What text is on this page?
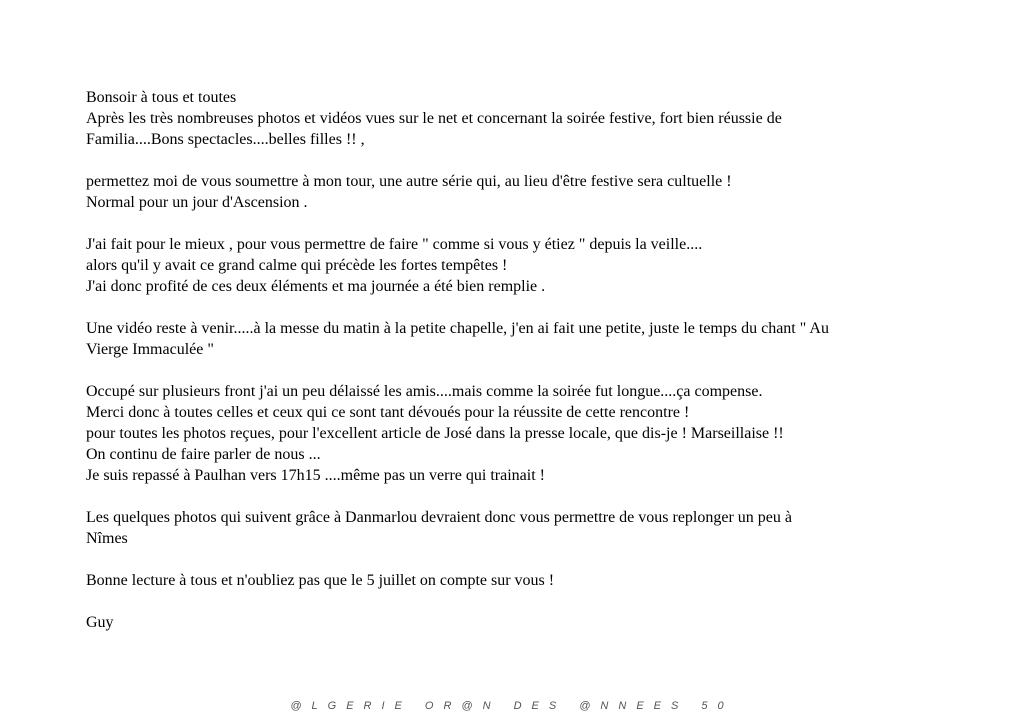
Bonsoir à tous et toutes
Après les très nombreuses photos et vidéos vues sur le net et concernant la soirée festive, fort bien réussie de
Familia....Bons spectacles....belles filles !! ,
permettez moi de vous soumettre à mon tour, une autre série qui, au lieu d'être festive sera cultuelle !
Normal pour un jour d'Ascension .
J'ai fait pour le mieux , pour vous permettre de faire " comme si vous y étiez " depuis la veille....
alors qu'il y avait ce grand calme qui précède les fortes tempêtes !
J'ai donc profité de ces deux éléments et ma journée a été bien remplie .
Une vidéo reste à venir.....à la messe du matin à la petite chapelle, j'en ai fait une petite, juste le temps du chant " Au
Vierge Immaculée "
Occupé sur plusieurs front j'ai un peu délaissé les amis....mais comme la soirée fut longue....ça compense.
Merci donc à toutes celles et ceux qui ce sont tant dévoués pour la réussite de cette rencontre !
pour toutes les photos reçues, pour l'excellent article de José dans la presse locale, que dis-je ! Marseillaise !!
On continu de faire parler de nous ...
Je suis repassé à Paulhan vers 17h15 ....même pas un verre qui trainait !
Les quelques photos qui suivent grâce à Danmarlou devraient donc vous permettre de vous replonger un peu à
Nîmes
Bonne lecture à tous et n'oubliez pas que le 5 juillet on compte sur vous !
Guy
@LGERIE OR@N DES @NNEES 50
